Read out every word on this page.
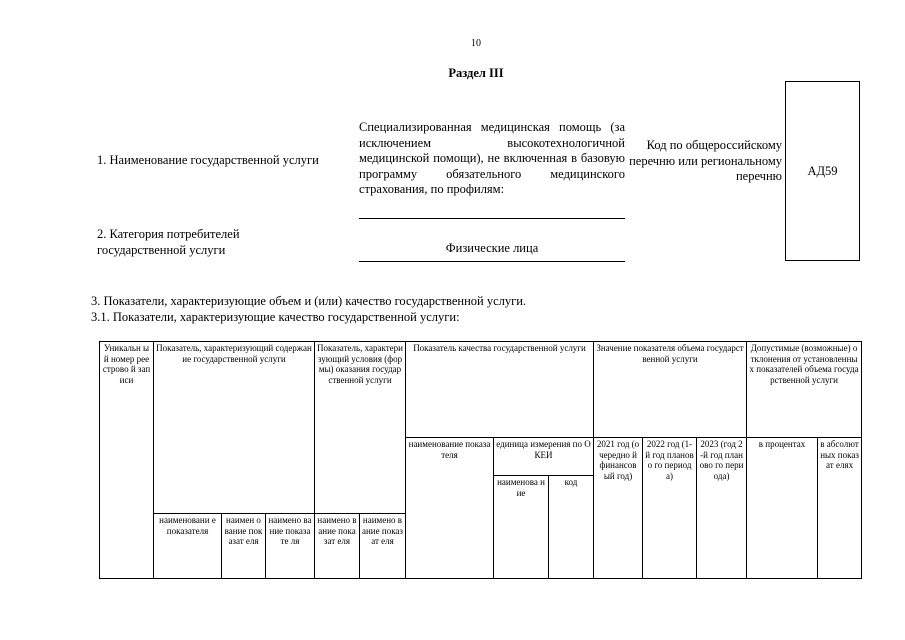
10
Раздел III
1. Наименование государственной услуги
Специализированная медицинская помощь (за исключением высокотехнологичной медицинской помощи), не включенная в базовую программу обязательного медицинского страхования, по профилям:
Код по общероссийскому перечню или региональному перечню АД59
2. Категория потребителей
государственной услуги	Физические лица
3. Показатели, характеризующие объем и (или) качество государственной услуги.
3.1. Показатели, характеризующие качество государственной услуги:
Уникальн ый номер реестрово й записи	Показатель, характеризующий содержание государственной услуги			Показатель, характеризующий условия (формы) оказания государственной услуги		Показатель качества государственной услуги			Значение показателя объема государственной услуги			Допустимые (возможные) отклонения от установленных показателей объема государственной услуги	
						наименование показателя	единица измерения по ОКЕИ		2021 год (очередно й финансов ый год)	2022 год (1-й год планово го периода)	2023 (год 2-й год планово го периода)	в процентах	в абсолют ных показат елях
							наименова ние	код					
	наименовани е показателя	наимен ование показат еля	наимено вание показате ля	наимено вание показат еля	наимено вание показат еля								
